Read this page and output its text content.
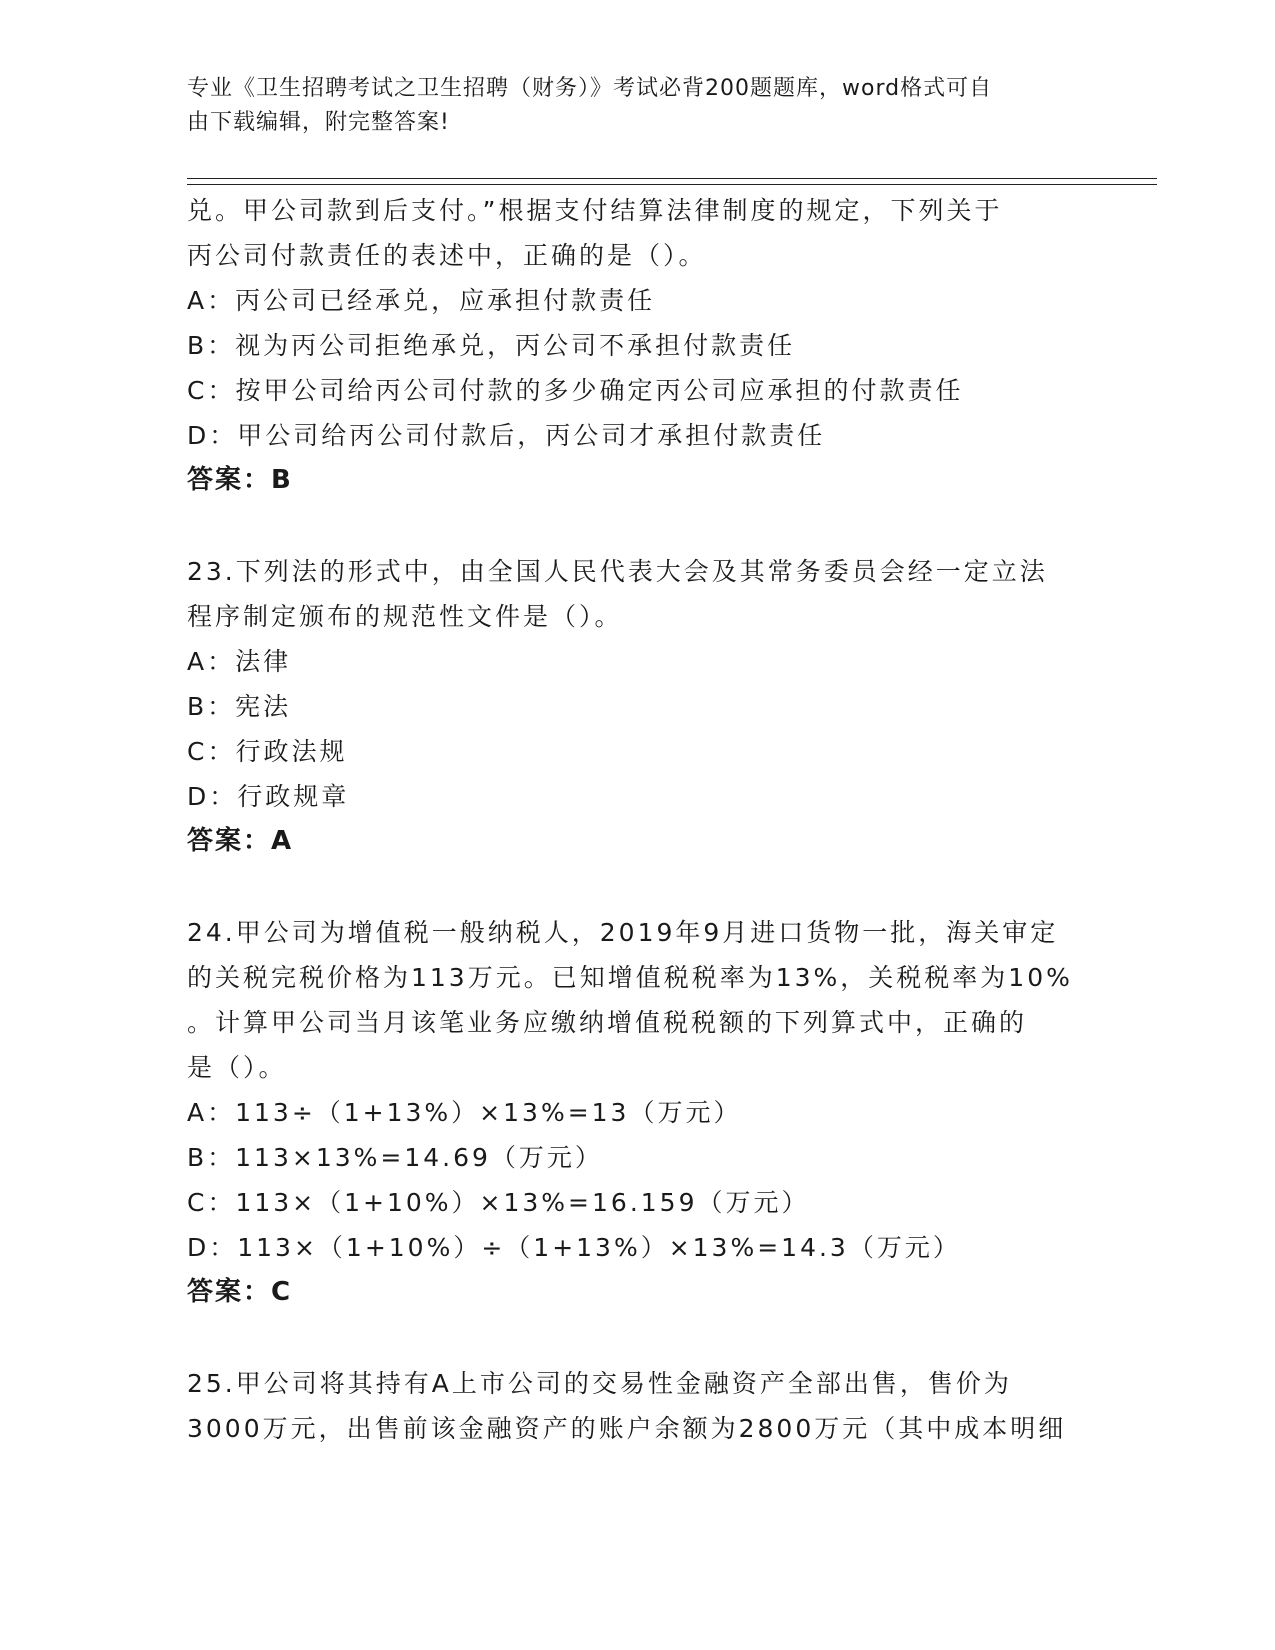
专业《卫生招聘考试之卫生招聘（财务）》考试必背200题题库，word格式可自
由下载编辑，附完整答案!
兑。甲公司款到后支付。”根据支付结算法律制度的规定，下列关于
丙公司付款责任的表述中，正确的是（）。
A：丙公司已经承兑，应承担付款责任
B：视为丙公司拒绝承兑，丙公司不承担付款责任
C：按甲公司给丙公司付款的多少确定丙公司应承担的付款责任
D：甲公司给丙公司付款后，丙公司才承担付款责任
答案：B
23.下列法的形式中，由全国人民代表大会及其常务委员会经一定立法
程序制定颁布的规范性文件是（）。
A：法律
B：宪法
C：行政法规
D：行政规章
答案：A
24.甲公司为增值税一般纳税人，2019年9月进口货物一批，海关审定
的关税完税价格为113万元。已知增值税税率为13%，关税税率为10%
。计算甲公司当月该笔业务应缴纳增值税税额的下列算式中，正确的
是（）。
A：113÷（1+13%）×13%=13（万元）
B：113×13%=14.69（万元）
C：113×（1+10%）×13%=16.159（万元）
D：113×（1+10%）÷（1+13%）×13%=14.3（万元）
答案：C
25.甲公司将其持有A上市公司的交易性金融资产全部出售，售价为
3000万元，出售前该金融资产的账户余额为2800万元（其中成本明细
